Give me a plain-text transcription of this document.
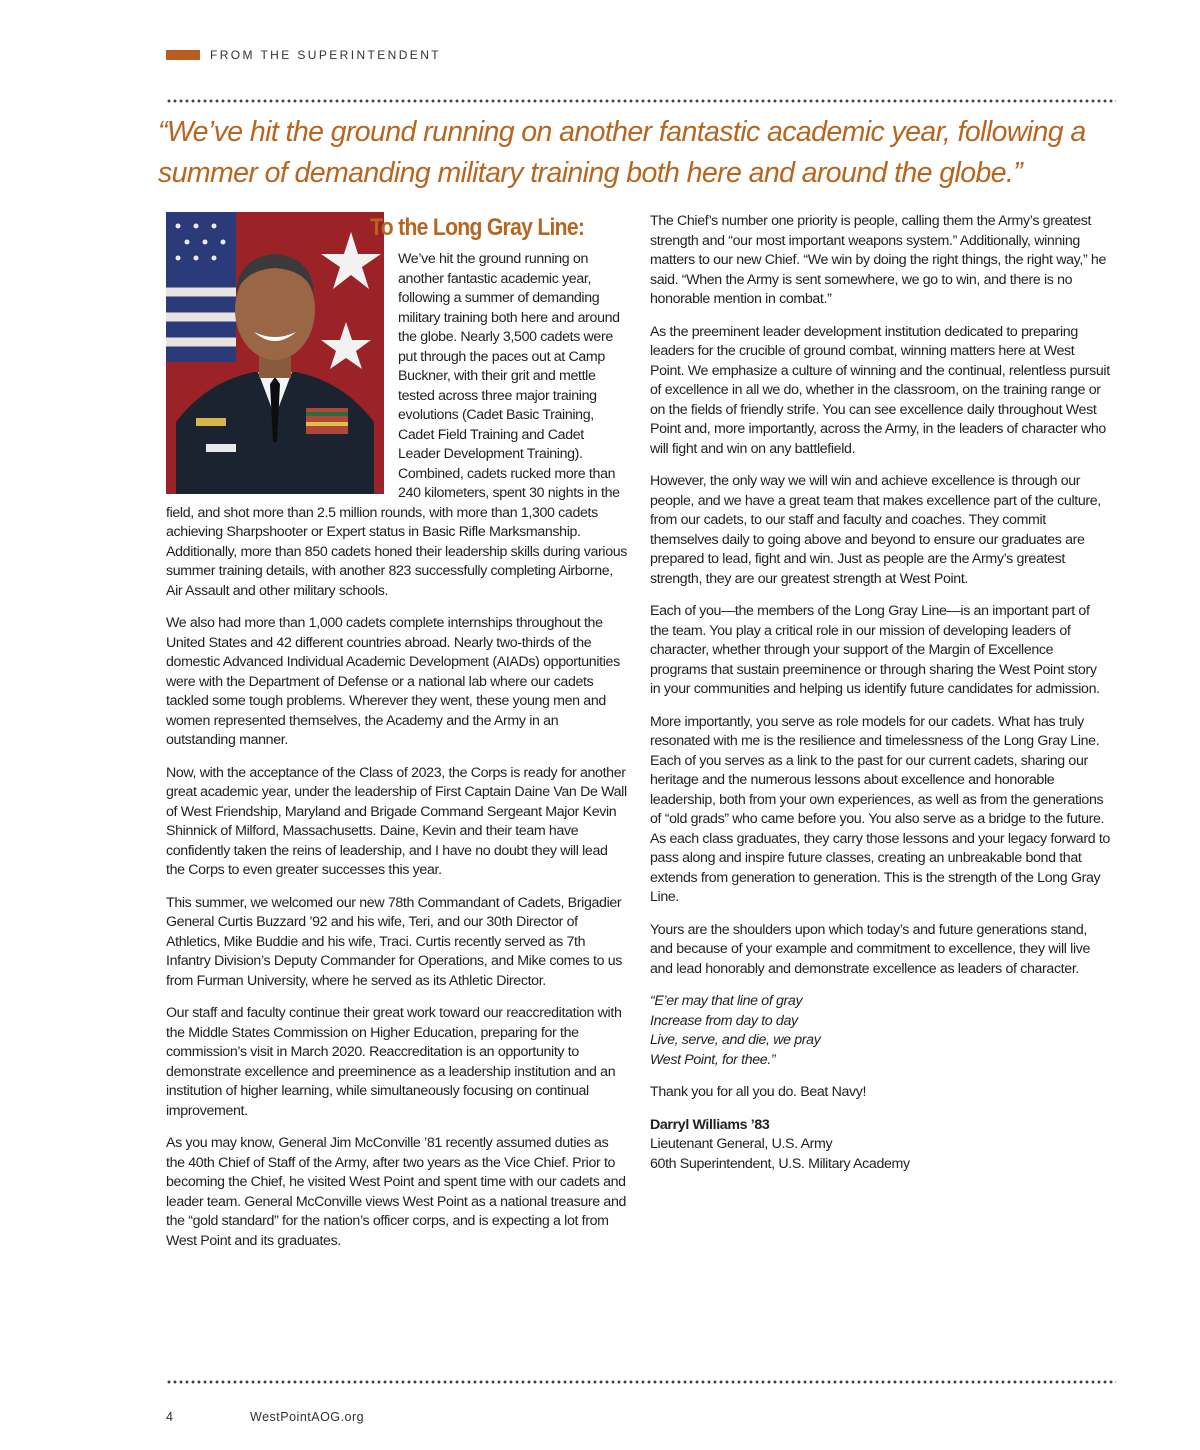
FROM THE SUPERINTENDENT

“We’ve hit the ground running on another fantastic academic year, following a summer of demanding military training both here and around the globe.”

To the Long Gray Line:

We’ve hit the ground running on another fantastic academic year, following a summer of demanding military training both here and around the globe. Nearly 3,500 cadets were put through the paces out at Camp Buckner, with their grit and mettle tested across three major training evolutions (Cadet Basic Training, Cadet Field Training and Cadet Leader Development Training). Combined, cadets rucked more than 240 kilometers, spent 30 nights in the field, and shot more than 2.5 million rounds, with more than 1,300 cadets achieving Sharpshooter or Expert status in Basic Rifle Marksmanship. Additionally, more than 850 cadets honed their leadership skills during various summer training details, with another 823 successfully completing Airborne, Air Assault and other military schools.

We also had more than 1,000 cadets complete internships throughout the United States and 42 different countries abroad. Nearly two-thirds of the domestic Advanced Individual Academic Development (AIADs) opportunities were with the Department of Defense or a national lab where our cadets tackled some tough problems. Wherever they went, these young men and women represented themselves, the Academy and the Army in an outstanding manner.

Now, with the acceptance of the Class of 2023, the Corps is ready for another great academic year, under the leadership of First Captain Daine Van De Wall of West Friendship, Maryland and Brigade Command Sergeant Major Kevin Shinnick of Milford, Massachusetts. Daine, Kevin and their team have confidently taken the reins of leadership, and I have no doubt they will lead the Corps to even greater successes this year.

This summer, we welcomed our new 78th Commandant of Cadets, Brigadier General Curtis Buzzard ’92 and his wife, Teri, and our 30th Director of Athletics, Mike Buddie and his wife, Traci. Curtis recently served as 7th Infantry Division’s Deputy Commander for Operations, and Mike comes to us from Furman University, where he served as its Athletic Director.

Our staff and faculty continue their great work toward our reaccreditation with the Middle States Commission on Higher Education, preparing for the commission’s visit in March 2020. Reaccreditation is an opportunity to demonstrate excellence and preeminence as a leadership institution and an institution of higher learning, while simultaneously focusing on continual improvement.

As you may know, General Jim McConville ’81 recently assumed duties as the 40th Chief of Staff of the Army, after two years as the Vice Chief. Prior to becoming the Chief, he visited West Point and spent time with our cadets and leader team. General McConville views West Point as a national treasure and the “gold standard” for the nation’s officer corps, and is expecting a lot from West Point and its graduates.

The Chief’s number one priority is people, calling them the Army’s greatest strength and “our most important weapons system.” Additionally, winning matters to our new Chief. “We win by doing the right things, the right way,” he said. “When the Army is sent somewhere, we go to win, and there is no honorable mention in combat.”

As the preeminent leader development institution dedicated to preparing leaders for the crucible of ground combat, winning matters here at West Point. We emphasize a culture of winning and the continual, relentless pursuit of excellence in all we do, whether in the classroom, on the training range or on the fields of friendly strife. You can see excellence daily throughout West Point and, more importantly, across the Army, in the leaders of character who will fight and win on any battlefield.

However, the only way we will win and achieve excellence is through our people, and we have a great team that makes excellence part of the culture, from our cadets, to our staff and faculty and coaches. They commit themselves daily to going above and beyond to ensure our graduates are prepared to lead, fight and win. Just as people are the Army’s greatest strength, they are our greatest strength at West Point.

Each of you—the members of the Long Gray Line—is an important part of the team. You play a critical role in our mission of developing leaders of character, whether through your support of the Margin of Excellence programs that sustain preeminence or through sharing the West Point story in your communities and helping us identify future candidates for admission.

More importantly, you serve as role models for our cadets. What has truly resonated with me is the resilience and timelessness of the Long Gray Line. Each of you serves as a link to the past for our current cadets, sharing our heritage and the numerous lessons about excellence and honorable leadership, both from your own experiences, as well as from the generations of “old grads” who came before you. You also serve as a bridge to the future. As each class graduates, they carry those lessons and your legacy forward to pass along and inspire future classes, creating an unbreakable bond that extends from generation to generation. This is the strength of the Long Gray Line.

Yours are the shoulders upon which today’s and future generations stand, and because of your example and commitment to excellence, they will live and lead honorably and demonstrate excellence as leaders of character.

“E’er may that line of gray
Increase from day to day
Live, serve, and die, we pray
West Point, for thee.”

Thank you for all you do. Beat Navy!

Darryl Williams ’83
Lieutenant General, U.S. Army
60th Superintendent, U.S. Military Academy

4	WestPointAOG.org
